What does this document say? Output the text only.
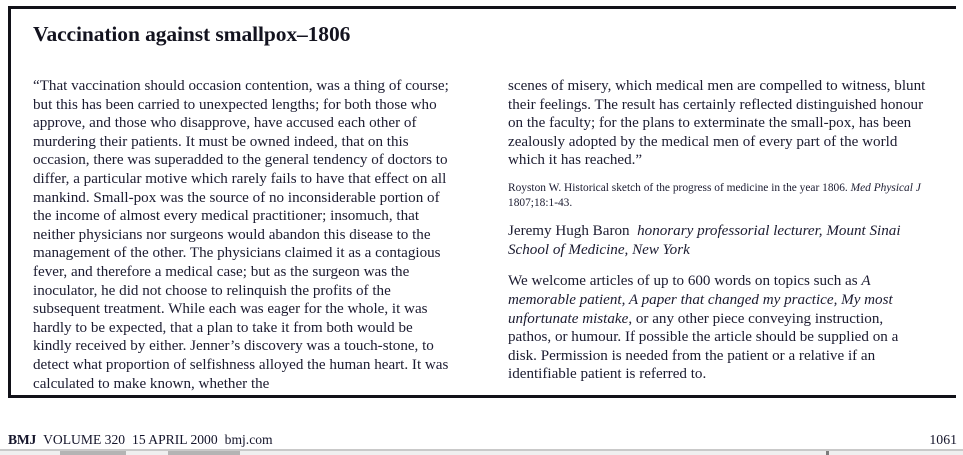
Vaccination against smallpox–1806

“That vaccination should occasion contention, was a thing of course; but this has been carried to unexpected lengths; for both those who approve, and those who disapprove, have accused each other of murdering their patients. It must be owned indeed, that on this occasion, there was superadded to the general tendency of doctors to differ, a particular motive which rarely fails to have that effect on all mankind. Small-pox was the source of no inconsiderable portion of the income of almost every medical practitioner; insomuch, that neither physicians nor surgeons would abandon this disease to the management of the other. The physicians claimed it as a contagious fever, and therefore a medical case; but as the surgeon was the inoculator, he did not choose to relinquish the profits of the subsequent treatment. While each was eager for the whole, it was hardly to be expected, that a plan to take it from both would be kindly received by either. Jenner’s discovery was a touch-stone, to detect what proportion of selfishness alloyed the human heart. It was calculated to make known, whether the

scenes of misery, which medical men are compelled to witness, blunt their feelings. The result has certainly reflected distinguished honour on the faculty; for the plans to exterminate the small-pox, has been zealously adopted by the medical men of every part of the world which it has reached.”

Royston W. Historical sketch of the progress of medicine in the year 1806. Med Physical J 1807;18:1-43.

Jeremy Hugh Baron honorary professorial lecturer, Mount Sinai School of Medicine, New York

We welcome articles of up to 600 words on topics such as A memorable patient, A paper that changed my practice, My most unfortunate mistake, or any other piece conveying instruction, pathos, or humour. If possible the article should be supplied on a disk. Permission is needed from the patient or a relative if an identifiable patient is referred to.

BMJ VOLUME 320 15 APRIL 2000 bmj.com	1061
